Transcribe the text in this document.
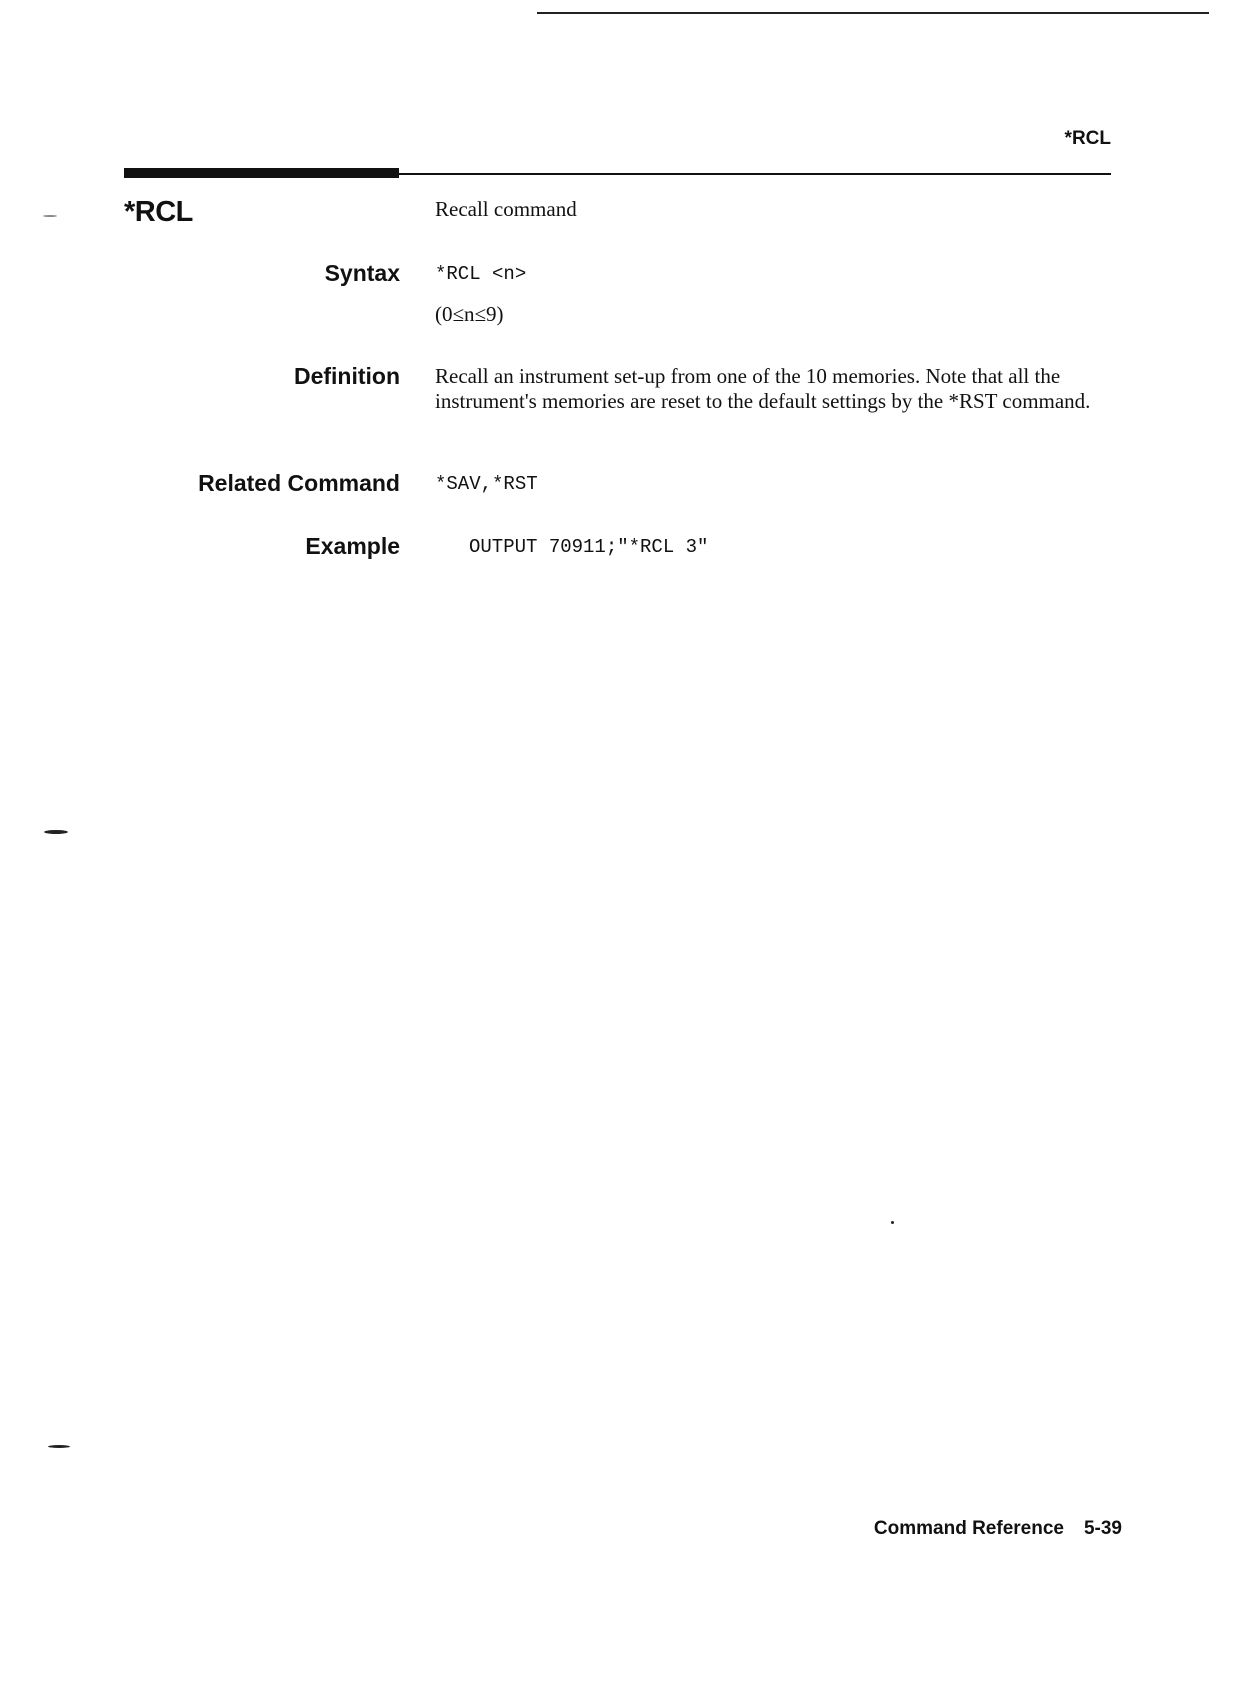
*RCL
*RCL	Recall command
Syntax *RCL <n>
(0≤n≤9)
Definition Recall an instrument set-up from one of the 10 memories. Note that all the instrument's memories are reset to the default settings by the *RST command.
Related Command *SAV,*RST
Example	OUTPUT 70911;"*RCL 3"
Command Reference 5-39
